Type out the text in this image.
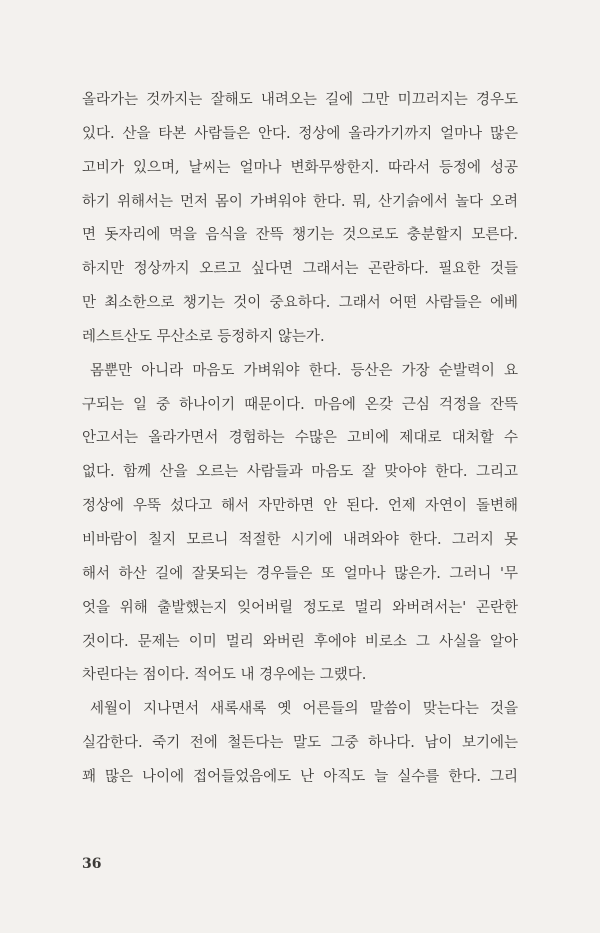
올라가는 것까지는 잘해도 내려오는 길에 그만 미끄러지는 경우도
있다. 산을 타본 사람들은 안다. 정상에 올라가기까지 얼마나 많은
고비가 있으며, 날씨는 얼마나 변화무쌍한지. 따라서 등정에 성공
하기 위해서는 먼저 몸이 가벼워야 한다. 뭐, 산기슭에서 놀다 오려
면 돗자리에 먹을 음식을 잔뜩 챙기는 것으로도 충분할지 모른다.
하지만 정상까지 오르고 싶다면 그래서는 곤란하다. 필요한 것들
만 최소한으로 챙기는 것이 중요하다. 그래서 어떤 사람들은 에베
레스트산도 무산소로 등정하지 않는가.
몸뿐만 아니라 마음도 가벼워야 한다. 등산은 가장 순발력이 요
구되는 일 중 하나이기 때문이다. 마음에 온갖 근심 걱정을 잔뜩
안고서는 올라가면서 경험하는 수많은 고비에 제대로 대처할 수
없다. 함께 산을 오르는 사람들과 마음도 잘 맞아야 한다. 그리고
정상에 우뚝 섰다고 해서 자만하면 안 된다. 언제 자연이 돌변해
비바람이 칠지 모르니 적절한 시기에 내려와야 한다. 그러지 못
해서 하산 길에 잘못되는 경우들은 또 얼마나 많은가. 그러니 '무
엇을 위해 출발했는지 잊어버릴 정도로 멀리 와버려서는' 곤란한
것이다. 문제는 이미 멀리 와버린 후에야 비로소 그 사실을 알아
차린다는 점이다. 적어도 내 경우에는 그랬다.
세월이 지나면서 새록새록 옛 어른들의 말씀이 맞는다는 것을
실감한다. 죽기 전에 철든다는 말도 그중 하나다. 남이 보기에는
꽤 많은 나이에 접어들었음에도 난 아직도 늘 실수를 한다. 그리
36
